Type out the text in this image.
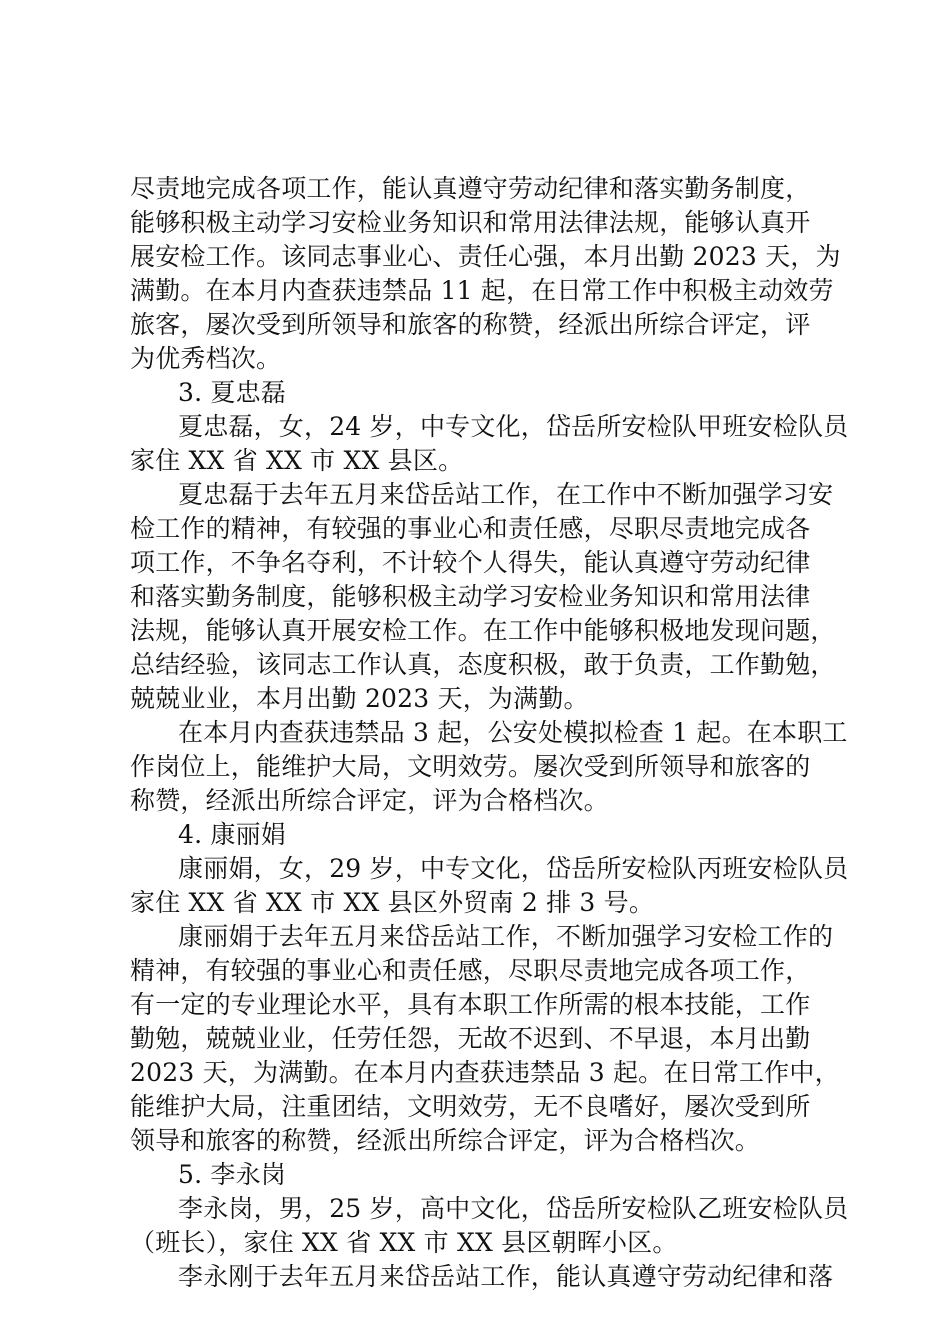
尽责地完成各项工作，能认真遵守劳动纪律和落实勤务制度，
能够积极主动学习安检业务知识和常用法律法规，能够认真开
展安检工作。该同志事业心、责任心强，本月出勤 2023 天，为
满勤。在本月内查获违禁品 11 起，在日常工作中积极主动效劳
旅客，屡次受到所领导和旅客的称赞，经派出所综合评定，评
为优秀档次。
3. 夏忠磊
夏忠磊，女，24 岁，中专文化，岱岳所安检队甲班安检队员
家住 XX 省 XX 市 XX 县区。
夏忠磊于去年五月来岱岳站工作，在工作中不断加强学习安
检工作的精神，有较强的事业心和责任感，尽职尽责地完成各
项工作，不争名夺利，不计较个人得失，能认真遵守劳动纪律
和落实勤务制度，能够积极主动学习安检业务知识和常用法律
法规，能够认真开展安检工作。在工作中能够积极地发现问题，
总结经验，该同志工作认真，态度积极，敢于负责，工作勤勉，
兢兢业业，本月出勤 2023 天，为满勤。
在本月内查获违禁品 3 起，公安处模拟检查 1 起。在本职工
作岗位上，能维护大局，文明效劳。屡次受到所领导和旅客的
称赞，经派出所综合评定，评为合格档次。
4. 康丽娟
康丽娟，女，29 岁，中专文化，岱岳所安检队丙班安检队员
家住 XX 省 XX 市 XX 县区外贸南 2 排 3 号。
康丽娟于去年五月来岱岳站工作，不断加强学习安检工作的
精神，有较强的事业心和责任感，尽职尽责地完成各项工作，
有一定的专业理论水平，具有本职工作所需的根本技能，工作
勤勉，兢兢业业，任劳任怨，无故不迟到、不早退，本月出勤
2023 天，为满勤。在本月内查获违禁品 3 起。在日常工作中，
能维护大局，注重团结，文明效劳，无不良嗜好，屡次受到所
领导和旅客的称赞，经派出所综合评定，评为合格档次。
5. 李永岗
李永岗，男，25 岁，高中文化，岱岳所安检队乙班安检队员
（班长），家住 XX 省 XX 市 XX 县区朝晖小区。
李永刚于去年五月来岱岳站工作，能认真遵守劳动纪律和落
